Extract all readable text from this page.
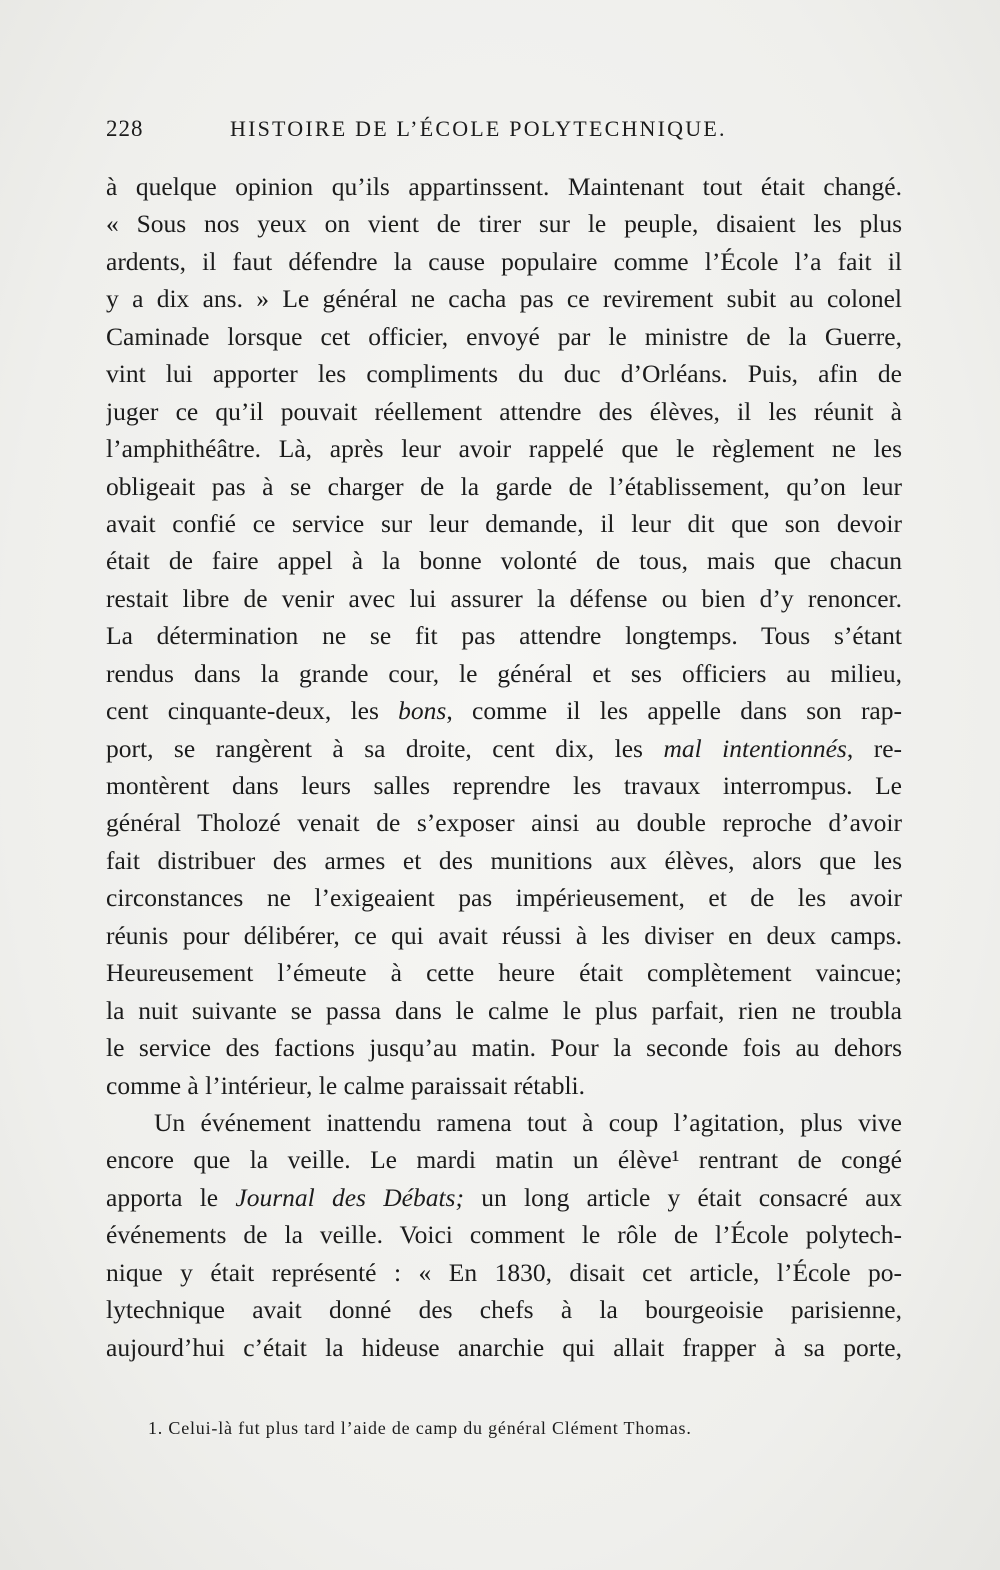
228	HISTOIRE DE L’ÉCOLE POLYTECHNIQUE.
à quelque opinion qu’ils appartinssent. Maintenant tout était changé.
« Sous nos yeux on vient de tirer sur le peuple, disaient les plus
ardents, il faut défendre la cause populaire comme l’École l’a fait il
y a dix ans. » Le général ne cacha pas ce revirement subit au colonel
Caminade lorsque cet officier, envoyé par le ministre de la Guerre,
vint lui apporter les compliments du duc d’Orléans. Puis, afin de
juger ce qu’il pouvait réellement attendre des élèves, il les réunit à
l’amphithéâtre. Là, après leur avoir rappelé que le règlement ne les
obligeait pas à se charger de la garde de l’établissement, qu’on leur
avait confié ce service sur leur demande, il leur dit que son devoir
était de faire appel à la bonne volonté de tous, mais que chacun
restait libre de venir avec lui assurer la défense ou bien d’y renoncer.
La détermination ne se fit pas attendre longtemps. Tous s’étant
rendus dans la grande cour, le général et ses officiers au milieu,
cent cinquante-deux, les bons, comme il les appelle dans son rap-
port, se rangèrent à sa droite, cent dix, les mal intentionnés, re-
montèrent dans leurs salles reprendre les travaux interrompus. Le
général Tholozé venait de s’exposer ainsi au double reproche d’avoir
fait distribuer des armes et des munitions aux élèves, alors que les
circonstances ne l’exigeaient pas impérieusement, et de les avoir
réunis pour délibérer, ce qui avait réussi à les diviser en deux camps.
Heureusement l’émeute à cette heure était complètement vaincue;
la nuit suivante se passa dans le calme le plus parfait, rien ne troubla
le service des factions jusqu’au matin. Pour la seconde fois au dehors
comme à l’intérieur, le calme paraissait rétabli.
Un événement inattendu ramena tout à coup l’agitation, plus vive
encore que la veille. Le mardi matin un élève¹ rentrant de congé
apporta le Journal des Débats; un long article y était consacré aux
événements de la veille. Voici comment le rôle de l’École polytech-
nique y était représenté : « En 1830, disait cet article, l’École po-
lytechnique avait donné des chefs à la bourgeoisie parisienne,
aujourd’hui c’était la hideuse anarchie qui allait frapper à sa porte,
1. Celui-là fut plus tard l’aide de camp du général Clément Thomas.
